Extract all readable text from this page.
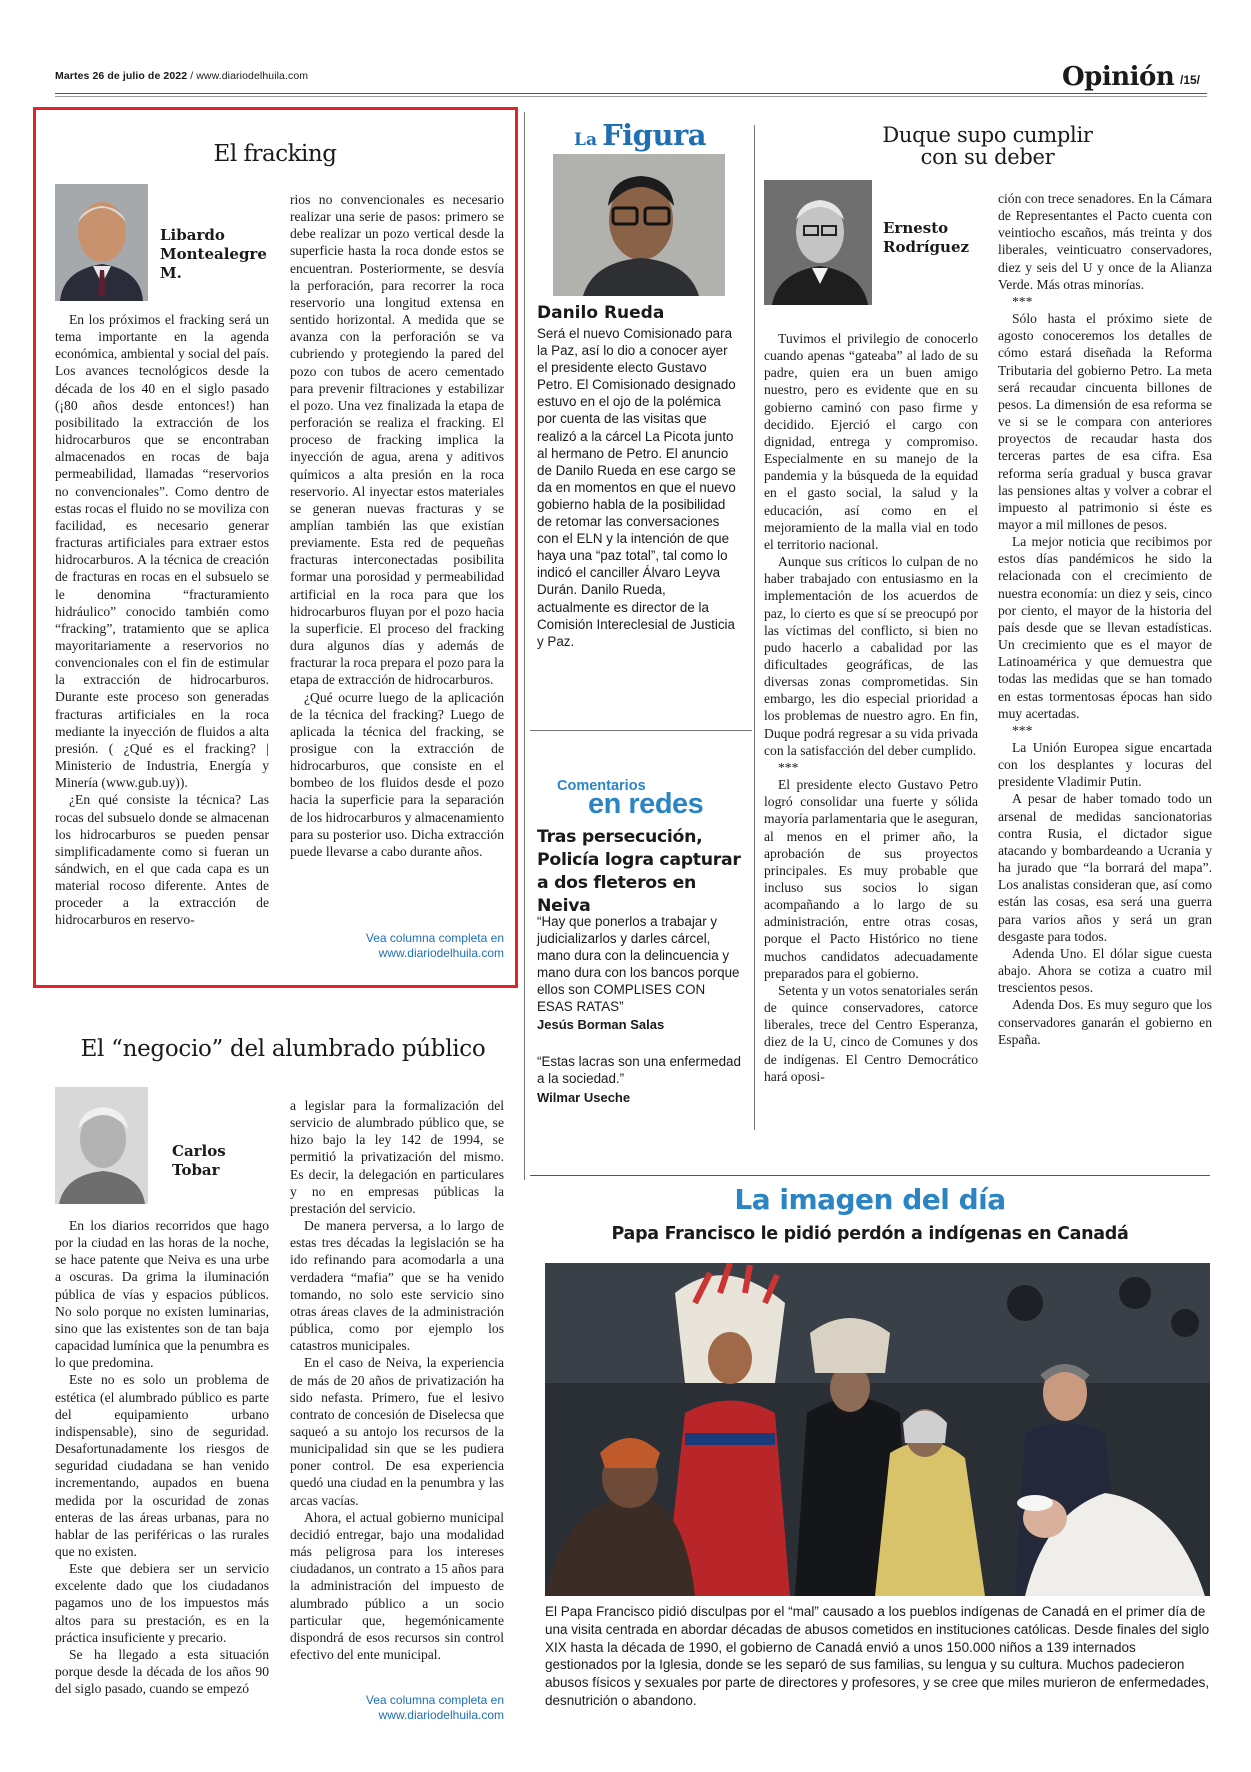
Martes 26 de julio de 2022 / www.diariodelhuila.com	Opinión /15/
El fracking
Libardo Montealegre M.

En los próximos el fracking será un tema importante en la agenda económica, ambiental y social del país. Los avances tecnológicos desde la década de los 40 en el siglo pasado (¡80 años desde entonces!) han posibilitado la extracción de los hidrocarburos que se encontraban almacenados en rocas de baja permeabilidad, llamadas “reservorios no convencionales”. Como dentro de estas rocas el fluido no se moviliza con facilidad, es necesario generar fracturas artificiales para extraer estos hidrocarburos. A la técnica de creación de fracturas en rocas en el subsuelo se le denomina “fracturamiento hidráulico” conocido también como “fracking”, tratamiento que se aplica mayoritariamente a reservorios no convencionales con el fin de estimular la extracción de hidrocarburos. Durante este proceso son generadas fracturas artificiales en la roca mediante la inyección de fluidos a alta presión. ( ¿Qué es el fracking? | Ministerio de Industria, Energía y Minería (www.gub.uy)).

¿En qué consiste la técnica? Las rocas del subsuelo donde se almacenan los hidrocarburos se pueden pensar simplificadamente como si fueran un sándwich, en el que cada capa es un material rocoso diferente. Antes de proceder a la extracción de hidrocarburos en reservo-

rios no convencionales es necesario realizar una serie de pasos: primero se debe realizar un pozo vertical desde la superficie hasta la roca donde estos se encuentran. Posteriormente, se desvía la perforación, para recorrer la roca reservorio una longitud extensa en sentido horizontal. A medida que se avanza con la perforación se va cubriendo y protegiendo la pared del pozo con tubos de acero cementado para prevenir filtraciones y estabilizar el pozo. Una vez finalizada la etapa de perforación se realiza el fracking. El proceso de fracking implica la inyección de agua, arena y aditivos químicos a alta presión en la roca reservorio. Al inyectar estos materiales se generan nuevas fracturas y se amplían también las que existían previamente. Esta red de pequeñas fracturas interconectadas posibilita formar una porosidad y permeabilidad artificial en la roca para que los hidrocarburos fluyan por el pozo hacia la superficie. El proceso del fracking dura algunos días y además de fracturar la roca prepara el pozo para la etapa de extracción de hidrocarburos.

¿Qué ocurre luego de la aplicación de la técnica del fracking? Luego de aplicada la técnica del fracking, se prosigue con la extracción de hidrocarburos, que consiste en el bombeo de los fluidos desde el pozo hacia la superficie para la separación de los hidrocarburos y almacenamiento para su posterior uso. Dicha extracción puede llevarse a cabo durante años.

Vea columna completa en
www.diariodelhuila.com
El “negocio” del alumbrado público
Carlos Tobar

En los diarios recorridos que hago por la ciudad en las horas de la noche, se hace patente que Neiva es una urbe a oscuras. Da grima la iluminación pública de vías y espacios públicos. No solo porque no existen luminarias, sino que las existentes son de tan baja capacidad lumínica que la penumbra es lo que predomina.

Este no es solo un problema de estética (el alumbrado público es parte del equipamiento urbano indispensable), sino de seguridad. Desafortunadamente los riesgos de seguridad ciudadana se han venido incrementando, aupados en buena medida por la oscuridad de zonas enteras de las áreas urbanas, para no hablar de las periféricas o las rurales que no existen.

Este que debiera ser un servicio excelente dado que los ciudadanos pagamos uno de los impuestos más altos para su prestación, es en la práctica insuficiente y precario.

Se ha llegado a esta situación porque desde la década de los años 90 del siglo pasado, cuando se empezó

a legislar para la formalización del servicio de alumbrado público que, se hizo bajo la ley 142 de 1994, se permitió la privatización del mismo. Es decir, la delegación en particulares y no en empresas públicas la prestación del servicio.

De manera perversa, a lo largo de estas tres décadas la legislación se ha ido refinando para acomodarla a una verdadera “mafia” que se ha venido tomando, no solo este servicio sino otras áreas claves de la administración pública, como por ejemplo los catastros municipales.

En el caso de Neiva, la experiencia de más de 20 años de privatización ha sido nefasta. Primero, fue el lesivo contrato de concesión de Diselecsa que saqueó a su antojo los recursos de la municipalidad sin que se les pudiera poner control. De esa experiencia quedó una ciudad en la penumbra y las arcas vacías.

Ahora, el actual gobierno municipal decidió entregar, bajo una modalidad más peligrosa para los intereses ciudadanos, un contrato a 15 años para la administración del impuesto de alumbrado público a un socio particular que, hegemónicamente dispondrá de esos recursos sin control efectivo del ente municipal.

Vea columna completa en
www.diariodelhuila.com
La Figura
Danilo Rueda
Será el nuevo Comisionado para la Paz, así lo dio a conocer ayer el presidente electo Gustavo Petro. El Comisionado designado estuvo en el ojo de la polémica por cuenta de las visitas que realizó a la cárcel La Picota junto al hermano de Petro. El anuncio de Danilo Rueda en ese cargo se da en momentos en que el nuevo gobierno habla de la posibilidad de retomar las conversaciones con el ELN y la intención de que haya una “paz total”, tal como lo indicó el canciller Álvaro Leyva Durán. Danilo Rueda, actualmente es director de la Comisión Intereclesial de Justicia y Paz.
Comentarios
en redes
Tras persecución, Policía logra capturar a dos fleteros en Neiva
“Hay que ponerlos a trabajar y judicializarlos y darles cárcel, mano dura con la delincuencia y mano dura con los bancos porque ellos son COMPLISES CON ESAS RATAS”
Jesús Borman Salas
“Estas lacras son una enfermedad a la sociedad.”
Wilmar Useche
Duque supo cumplir
con su deber
Ernesto Rodríguez

Tuvimos el privilegio de conocerlo cuando apenas “gateaba” al lado de su padre, quien era un buen amigo nuestro, pero es evidente que en su gobierno caminó con paso firme y decidido. Ejerció el cargo con dignidad, entrega y compromiso. Especialmente en su manejo de la pandemia y la búsqueda de la equidad en el gasto social, la salud y la educación, así como en el mejoramiento de la malla vial en todo el territorio nacional.

Aunque sus críticos lo culpan de no haber trabajado con entusiasmo en la implementación de los acuerdos de paz, lo cierto es que sí se preocupó por las víctimas del conflicto, si bien no pudo hacerlo a cabalidad por las dificultades geográficas, de las diversas zonas comprometidas. Sin embargo, les dio especial prioridad a los problemas de nuestro agro. En fin, Duque podrá regresar a su vida privada con la satisfacción del deber cumplido.

***

El presidente electo Gustavo Petro logró consolidar una fuerte y sólida mayoría parlamentaria que le aseguran, al menos en el primer año, la aprobación de sus proyectos principales. Es muy probable que incluso sus socios lo sigan acompañando a lo largo de su administración, entre otras cosas, porque el Pacto Histórico no tiene muchos candidatos adecuadamente preparados para el gobierno.

Setenta y un votos senatoriales serán de quince conservadores, catorce liberales, trece del Centro Esperanza, diez de la U, cinco de Comunes y dos de indígenas. El Centro Democrático hará oposi-

ción con trece senadores. En la Cámara de Representantes el Pacto cuenta con veintiocho escaños, más treinta y dos liberales, veinticuatro conservadores, diez y seis del U y once de la Alianza Verde. Más otras minorías.

***

Sólo hasta el próximo siete de agosto conoceremos los detalles de cómo estará diseñada la Reforma Tributaria del gobierno Petro. La meta será recaudar cincuenta billones de pesos. La dimensión de esa reforma se ve si se le compara con anteriores proyectos de recaudar hasta dos terceras partes de esa cifra. Esa reforma sería gradual y busca gravar las pensiones altas y volver a cobrar el impuesto al patrimonio si éste es mayor a mil millones de pesos.

La mejor noticia que recibimos por estos días pandémicos he sido la relacionada con el crecimiento de nuestra economía: un diez y seis, cinco por ciento, el mayor de la historia del país desde que se llevan estadísticas. Un crecimiento que es el mayor de Latinoamérica y que demuestra que todas las medidas que se han tomado en estas tormentosas épocas han sido muy acertadas.

***

La Unión Europea sigue encartada con los desplantes y locuras del presidente Vladimir Putin.

A pesar de haber tomado todo un arsenal de medidas sancionatorias contra Rusia, el dictador sigue atacando y bombardeando a Ucrania y ha jurado que “la borrará del mapa”. Los analistas consideran que, así como están las cosas, esa será una guerra para varios años y será un gran desgaste para todos.

Adenda Uno. El dólar sigue cuesta abajo. Ahora se cotiza a cuatro mil trescientos pesos.

Adenda Dos. Es muy seguro que los conservadores ganarán el gobierno en España.

La imagen del día
Papa Francisco le pidió perdón a indígenas en Canadá
El Papa Francisco pidió disculpas por el “mal” causado a los pueblos indígenas de Canadá en el primer día de una visita centrada en abordar décadas de abusos cometidos en instituciones católicas. Desde finales del siglo XIX hasta la década de 1990, el gobierno de Canadá envió a unos 150.000 niños a 139 internados gestionados por la Iglesia, donde se les separó de sus familias, su lengua y su cultura. Muchos padecieron abusos físicos y sexuales por parte de directores y profesores, y se cree que miles murieron de enfermedades, desnutrición o abandono.
